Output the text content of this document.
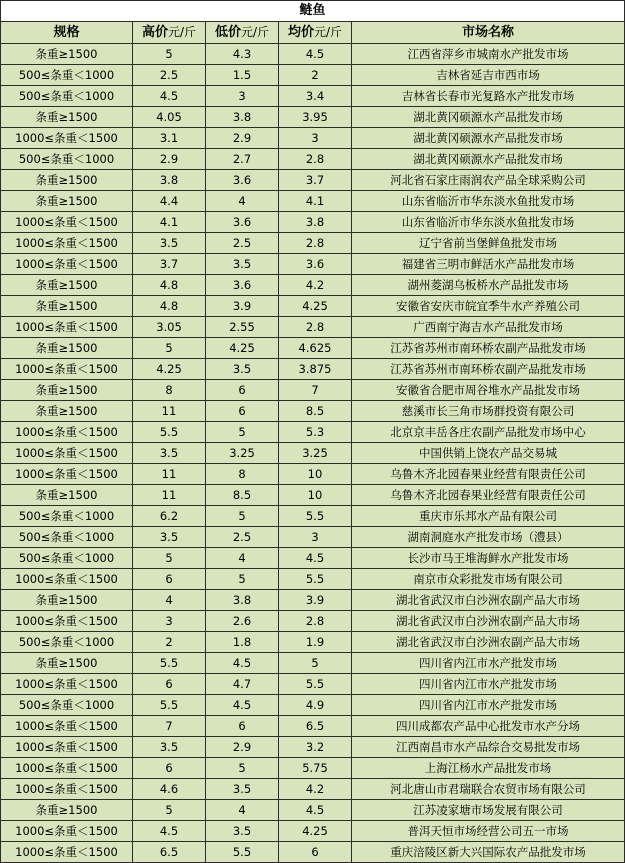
鲢鱼				
规格	高价元/斤	低价元/斤	均价元/斤	市场名称
条重≥1500	5	4.3	4.5	江西省萍乡市城南水产批发市场
500≤条重＜1000	2.5	1.5	2	吉林省延吉市西市场
500≤条重＜1000	4.5	3	3.4	吉林省长春市光复路水产批发市场
条重≥1500	4.05	3.8	3.95	湖北黄冈硕源水产品批发市场
1000≤条重＜1500	3.1	2.9	3	湖北黄冈硕源水产品批发市场
500≤条重＜1000	2.9	2.7	2.8	湖北黄冈硕源水产品批发市场
条重≥1500	3.8	3.6	3.7	河北省石家庄雨润农产品全球采购公司
条重≥1500	4.4	4	4.1	山东省临沂市华东淡水鱼批发市场
1000≤条重＜1500	4.1	3.6	3.8	山东省临沂市华东淡水鱼批发市场
1000≤条重＜1500	3.5	2.5	2.8	辽宁省前当堡鲜鱼批发市场
1000≤条重＜1500	3.7	3.5	3.6	福建省三明市鲜活水产品批发市场
条重≥1500	4.8	3.6	4.2	湖州菱湖乌板桥水产品批发市场
条重≥1500	4.8	3.9	4.25	安徽省安庆市皖宜季牛水产养殖公司
1000≤条重＜1500	3.05	2.55	2.8	广西南宁海吉水产品批发市场
条重≥1500	5	4.25	4.625	江苏省苏州市南环桥农副产品批发市场
1000≤条重＜1500	4.25	3.5	3.875	江苏省苏州市南环桥农副产品批发市场
条重≥1500	8	6	7	安徽省合肥市周谷堆水产品批发市场
条重≥1500	11	6	8.5	慈溪市长三角市场群投资有限公司
1000≤条重＜1500	5.5	5	5.3	北京京丰岳各庄农副产品批发市场中心
1000≤条重＜1500	3.5	3.25	3.25	中国供销上饶农产品交易城
1000≤条重＜1500	11	8	10	乌鲁木齐北园春果业经营有限责任公司
条重≥1500	11	8.5	10	乌鲁木齐北园春果业经营有限责任公司
500≤条重＜1000	6.2	5	5.5	重庆市乐邦水产品有限公司
500≤条重＜1000	3.5	2.5	3	湖南洞庭水产批发市场（澧县）
500≤条重＜1000	5	4	4.5	长沙市马王堆海鲜水产批发市场
1000≤条重＜1500	6	5	5.5	南京市众彩批发市场有限公司
条重≥1500	4	3.8	3.9	湖北省武汉市白沙洲农副产品大市场
1000≤条重＜1500	3	2.6	2.8	湖北省武汉市白沙洲农副产品大市场
500≤条重＜1000	2	1.8	1.9	湖北省武汉市白沙洲农副产品大市场
条重≥1500	5.5	4.5	5	四川省内江市水产批发市场
1000≤条重＜1500	6	4.7	5.5	四川省内江市水产批发市场
500≤条重＜1000	5.5	4.5	4.9	四川省内江市水产批发市场
1000≤条重＜1500	7	6	6.5	四川成都农产品中心批发市水产分场
1000≤条重＜1500	3.5	2.9	3.2	江西南昌市水产品综合交易批发市场
1000≤条重＜1500	6	5	5.75	上海江杨水产品批发市场
1000≤条重＜1500	4.6	3.5	4.2	河北唐山市君瑞联合农贸市场有限公司
条重≥1500	5	4	4.5	江苏凌家塘市场发展有限公司
1000≤条重＜1500	4.5	3.5	4.25	普洱天恒市场经营公司五一市场
1000≤条重＜1500	6.5	5.5	6	重庆涪陵区新大兴国际农产品批发市场
